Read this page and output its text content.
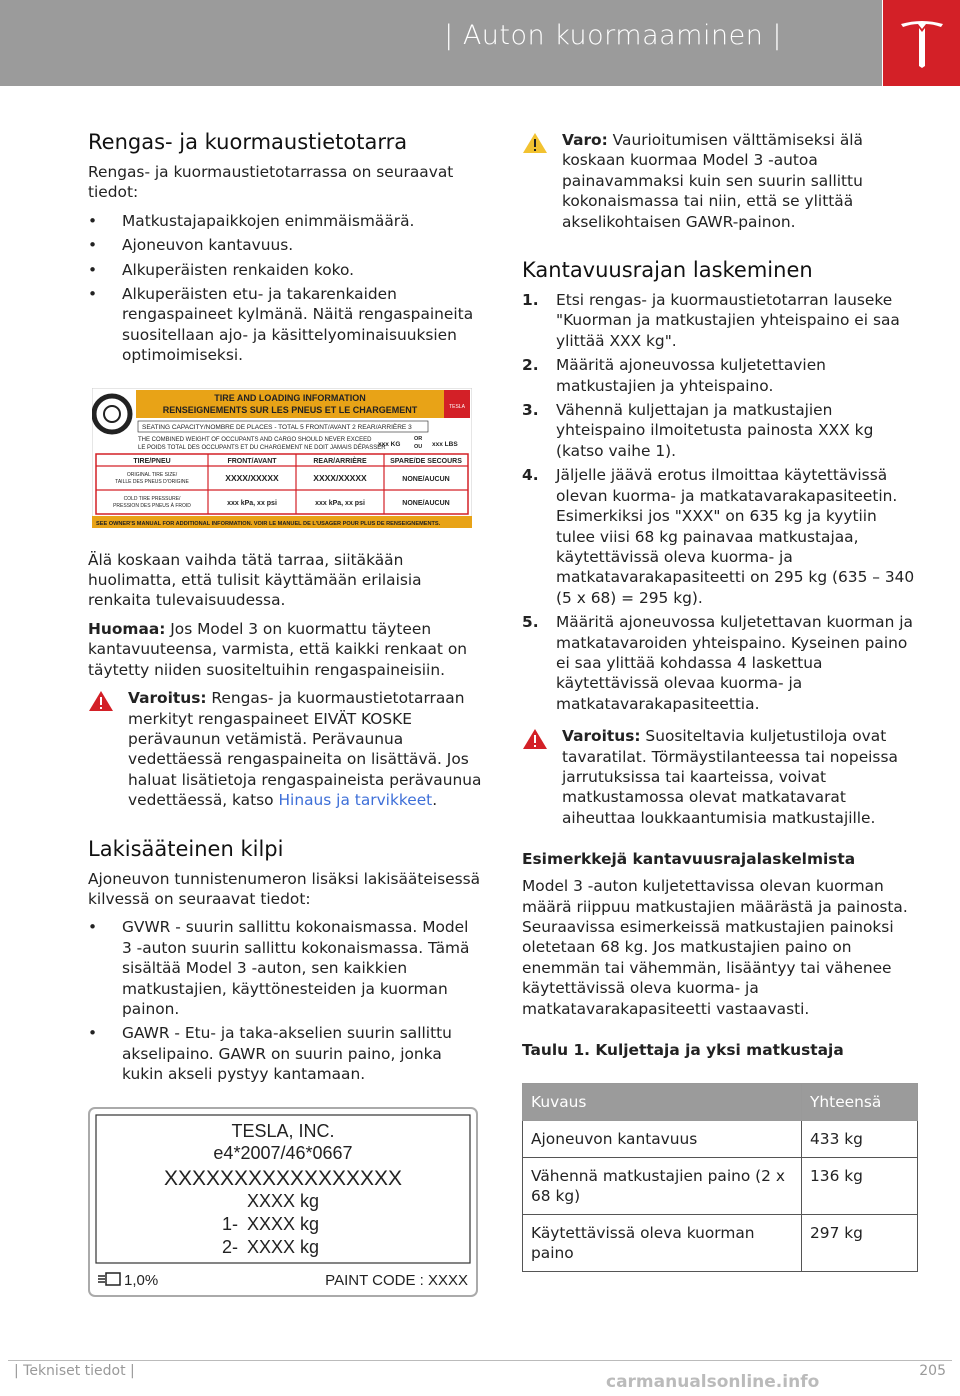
| Auton kuormaaminen |
Rengas- ja kuormaustietotarra

Rengas- ja kuormaustietotarrassa on seuraavat tiedot:

• Matkustajapaikkojen enimmäismäärä.
• Ajoneuvon kantavuus.
• Alkuperäisten renkaiden koko.
• Alkuperäisten etu- ja takarenkaiden rengaspaineet kylmänä. Näitä rengaspaineita suositellaan ajo- ja käsittelyominaisuuksien optimoimiseksi.
TIRE AND LOADING INFORMATION
RENSEIGNEMENTS SUR LES PNEUS ET LE CHARGEMENT	TESLA
SEATING CAPACITY/NOMBRE DE PLACES - TOTAL 5 FRONT/AVANT 2 REAR/ARRIÈRE 3
THE COMBINED WEIGHT OF OCCUPANTS AND CARGO SHOULD NEVER EXCEED
LE POIDS TOTAL DES OCCUPANTS ET DU CHARGEMENT NE DOIT JAMAIS DÉPASSER
xxx KG
OR
OU xxx LBS
TIRE/PNEU	FRONT/AVANT	REAR/ARRIÈRE	SPARE/DE SECOURS
ORIGINAL TIRE SIZE/
TAILLE DES PNEUS D'ORIGINE	XXXX/XXXXX	XXXX/XXXXX	NONE/AUCUN
COLD TIRE PRESSURE/
PRESSION DES PNEUS À FROID	xxx kPa, xx psi	xxx kPa, xx psi	NONE/AUCUN
SEE OWNER'S MANUAL FOR ADDITIONAL INFORMATION. VOIR LE MANUEL DE L'USAGER POUR PLUS DE RENSEIGNEMENTS.

Älä koskaan vaihda tätä tarraa, siitäkään huolimatta, että tulisit käyttämään erilaisia renkaita tulevaisuudessa.

Huomaa: Jos Model 3 on kuormattu täyteen kantavuuteensa, varmista, että kaikki renkaat on täytetty niiden suositeltuihin rengaspaineisiin.

Varoitus: Rengas- ja kuormaustietotarraan merkityt rengaspaineet EIVÄT KOSKE perävaunun vetämistä. Perävaunua vedettäessä rengaspaineita on lisättävä. Jos haluat lisätietoja rengaspaineista perävaunua vedettäessä, katso Hinaus ja tarvikkeet.
Lakisääteinen kilpi

Ajoneuvon tunnistenumeron lisäksi lakisääteisessä kilvessä on seuraavat tiedot:

• GVWR - suurin sallittu kokonaismassa. Model 3 -auton suurin sallittu kokonaismassa. Tämä sisältää Model 3 -auton, sen kaikkien matkustajien, käyttönesteiden ja kuorman painon.
• GAWR - Etu- ja taka-akselien suurin sallittu akselipaino. GAWR on suurin paino, jonka kukin akseli pystyy kantamaan.
TESLA, INC.
e4*2007/46*0667
XXXXXXXXXXXXXXXXX
XXXX kg
1- XXXX kg
2- XXXX kg
1,0%	PAINT CODE : XXXX
Varo: Vaurioitumisen välttämiseksi älä koskaan kuormaa Model 3 -autoa painavammaksi kuin sen suurin sallittu kokonaismassa tai niin, että se ylittää akselikohtaisen GAWR-painon.
Kantavuusrajan laskeminen
1. Etsi rengas- ja kuormaustietotarran lauseke "Kuorman ja matkustajien yhteispaino ei saa ylittää XXX kg".
2. Määritä ajoneuvossa kuljetettavien matkustajien ja yhteispaino.
3. Vähennä kuljettajan ja matkustajien yhteispaino ilmoitetusta painosta XXX kg (katso vaihe 1).
4. Jäljelle jäävä erotus ilmoittaa käytettävissä olevan kuorma- ja matkatavarakapasiteetin. Esimerkiksi jos "XXX" on 635 kg ja kyytiin tulee viisi 68 kg painavaa matkustajaa, käytettävissä oleva kuorma- ja matkatavarakapasiteetti on 295 kg (635 – 340 (5 x 68) = 295 kg).
5. Määritä ajoneuvossa kuljetettavan kuorman ja matkatavaroiden yhteispaino. Kyseinen paino ei saa ylittää kohdassa 4 laskettua käytettävissä olevaa kuorma- ja matkatavarakapasiteettia.
Varoitus: Suositeltavia kuljetustiloja ovat tavaratilat. Törmäystilanteessa tai nopeissa jarrutuksissa tai kaarteissa, voivat matkustamossa olevat matkatavarat aiheuttaa loukkaantumisia matkustajille.
Esimerkkejä kantavuusrajalaskelmista

Model 3 -auton kuljetettavissa olevan kuorman määrä riippuu matkustajien määrästä ja painosta. Seuraavissa esimerkeissä matkustajien painoksi oletetaan 68 kg. Jos matkustajien paino on enemmän tai vähemmän, lisääntyy tai vähenee käytettävissä oleva kuorma- ja matkatavarakapasiteetti vastaavasti.

Taulu 1. Kuljettaja ja yksi matkustaja
Kuvaus	Yhteensä
Ajoneuvon kantavuus	433 kg
Vähennä matkustajien paino (2 x 68 kg)	136 kg
Käytettävissä oleva kuorman paino	297 kg
| Tekniset tiedot |	205
carmanualsonline.info
